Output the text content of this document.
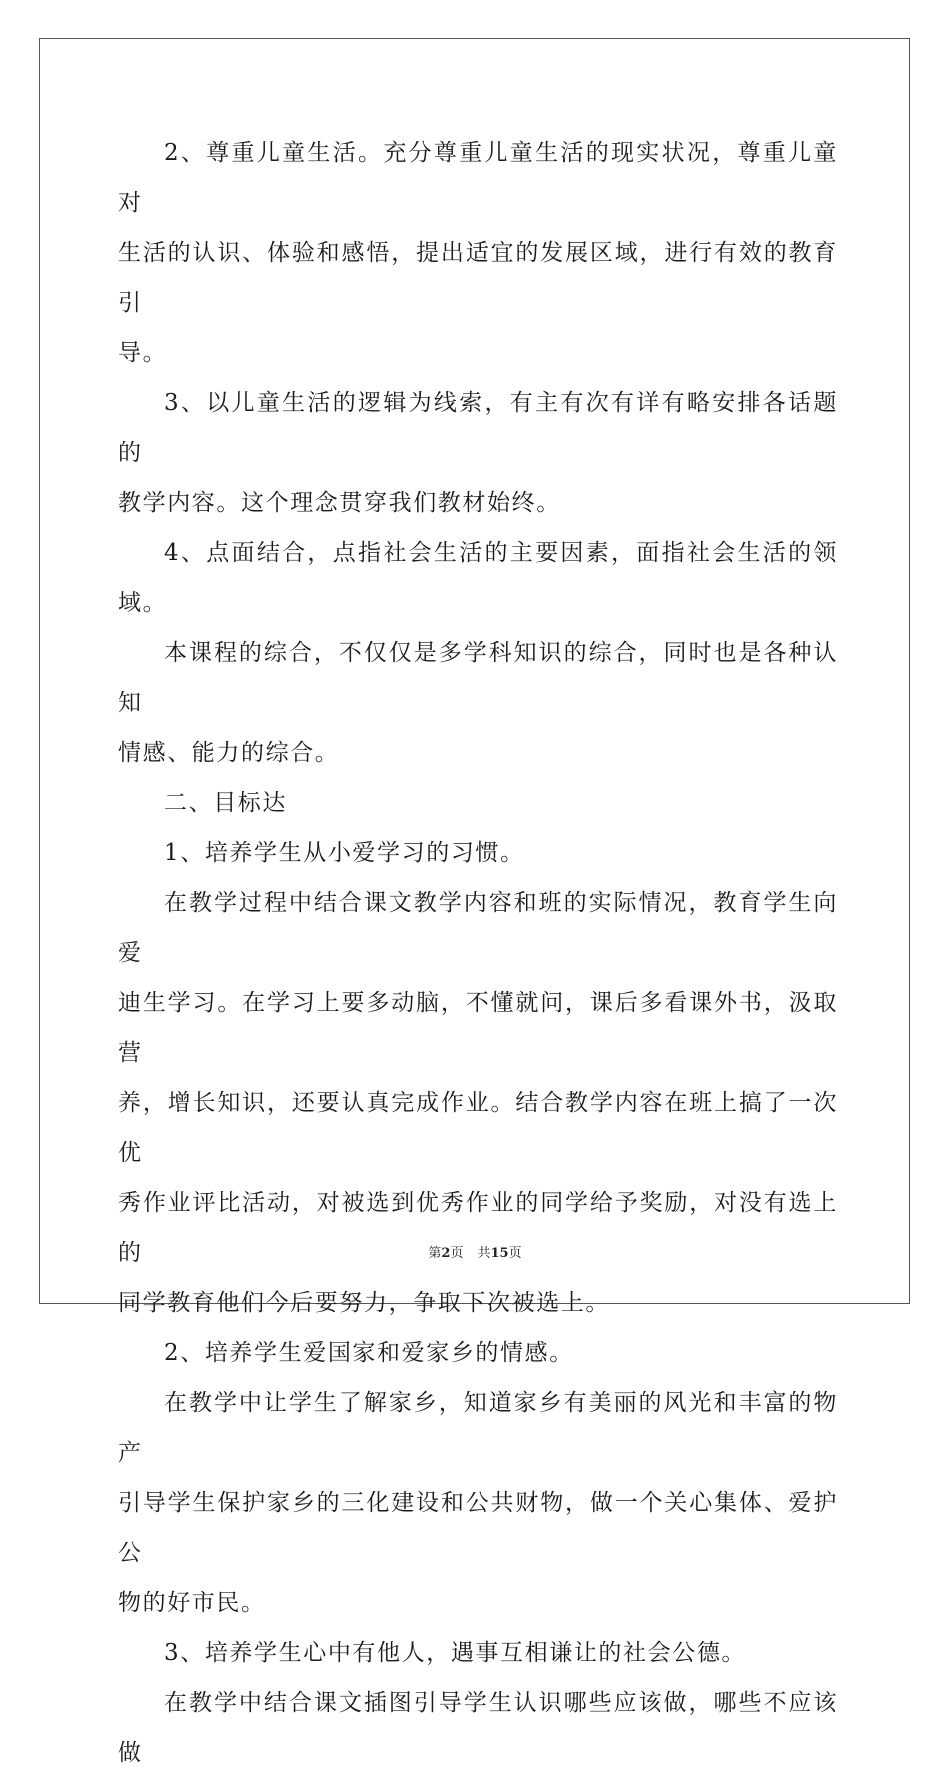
2、尊重儿童生活。充分尊重儿童生活的现实状况，尊重儿童对
生活的认识、体验和感悟，提出适宜的发展区域，进行有效的教育引
导。

3、以儿童生活的逻辑为线索，有主有次有详有略安排各话题的
教学内容。这个理念贯穿我们教材始终。

4、点面结合，点指社会生活的主要因素，面指社会生活的领域。

本课程的综合，不仅仅是多学科知识的综合，同时也是各种认知
情感、能力的综合。

二、目标达

1、培养学生从小爱学习的习惯。

在教学过程中结合课文教学内容和班的实际情况，教育学生向爱
迪生学习。在学习上要多动脑，不懂就问，课后多看课外书，汲取营
养，增长知识，还要认真完成作业。结合教学内容在班上搞了一次优
秀作业评比活动，对被选到优秀作业的同学给予奖励，对没有选上的
同学教育他们今后要努力，争取下次被选上。

2、培养学生爱国家和爱家乡的情感。

在教学中让学生了解家乡，知道家乡有美丽的风光和丰富的物产
引导学生保护家乡的三化建设和公共财物，做一个关心集体、爱护公
物的好市民。

3、培养学生心中有他人，遇事互相谦让的社会公德。

在教学中结合课文插图引导学生认识哪些应该做，哪些不应该做

第2页 共15页
